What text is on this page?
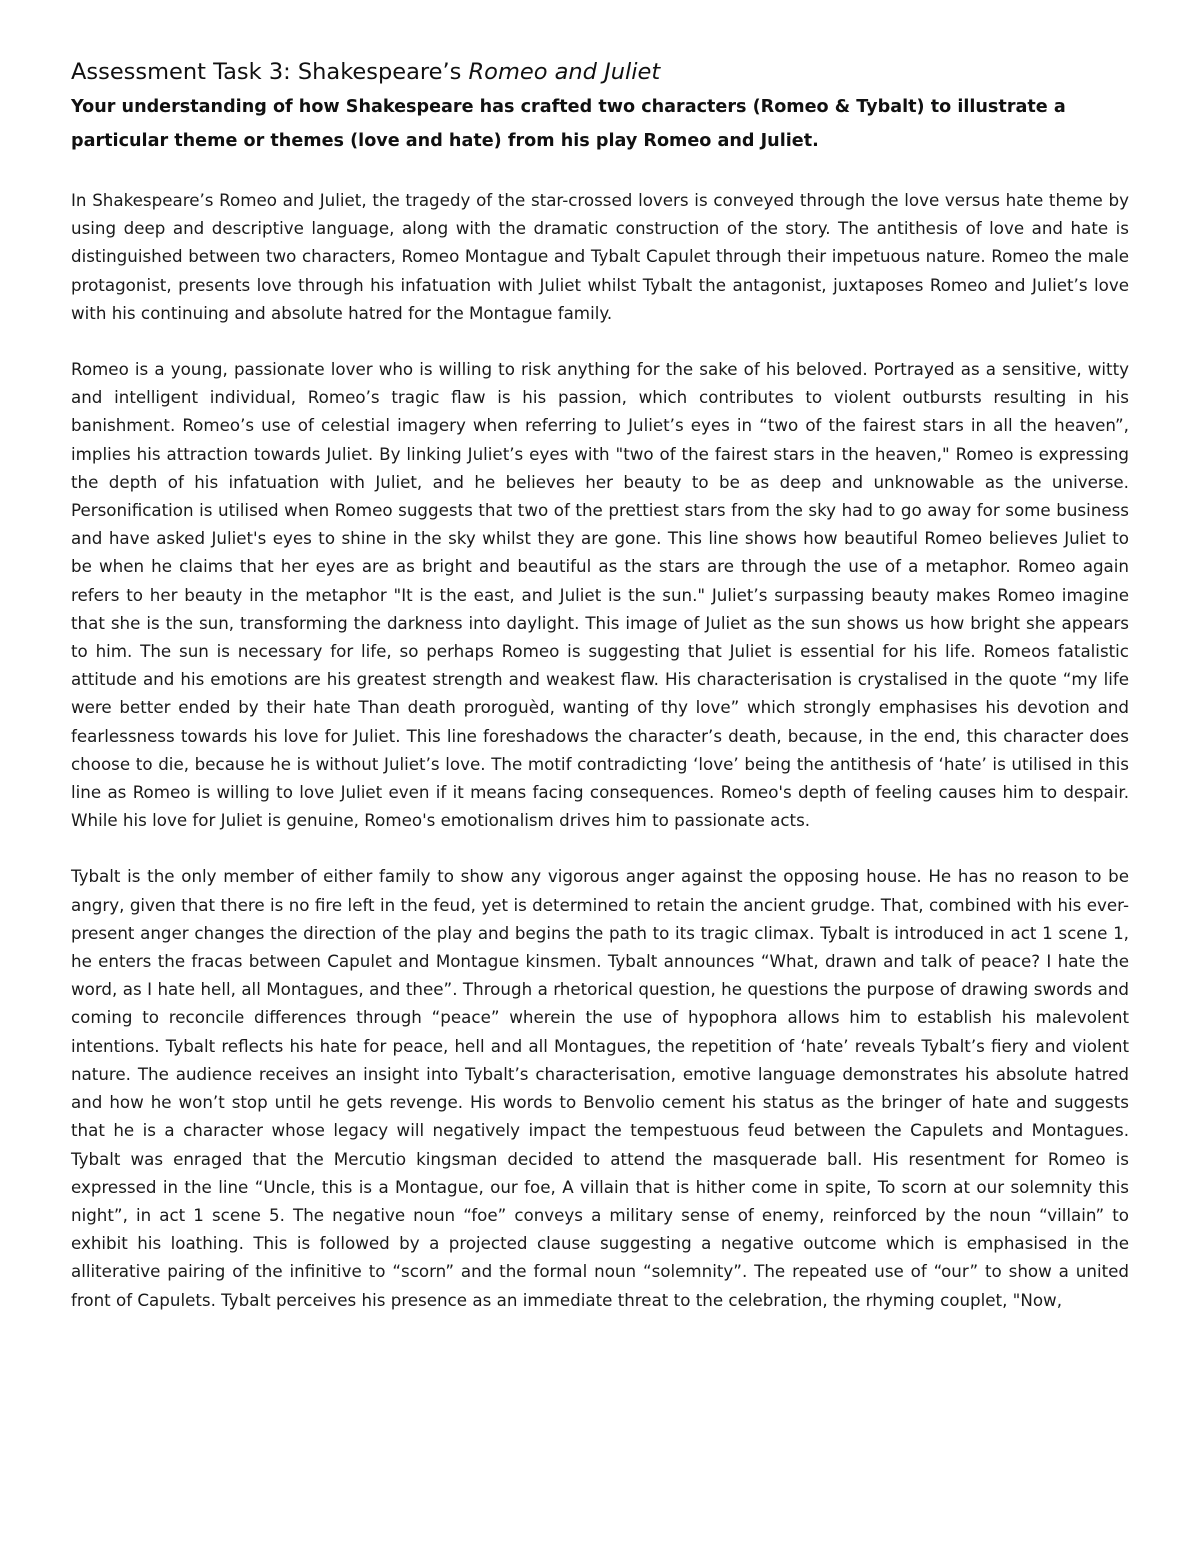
Assessment Task 3: Shakespeare’s Romeo and Juliet

Your understanding of how Shakespeare has crafted two characters (Romeo & Tybalt) to illustrate a particular theme or themes (love and hate) from his play Romeo and Juliet.

In Shakespeare’s Romeo and Juliet, the tragedy of the star-crossed lovers is conveyed through the love versus hate theme by using deep and descriptive language, along with the dramatic construction of the story. The antithesis of love and hate is distinguished between two characters, Romeo Montague and Tybalt Capulet through their impetuous nature. Romeo the male protagonist, presents love through his infatuation with Juliet whilst Tybalt the antagonist, juxtaposes Romeo and Juliet’s love with his continuing and absolute hatred for the Montague family.

Romeo is a young, passionate lover who is willing to risk anything for the sake of his beloved. Portrayed as a sensitive, witty and intelligent individual, Romeo’s tragic flaw is his passion, which contributes to violent outbursts resulting in his banishment. Romeo’s use of celestial imagery when referring to Juliet’s eyes in “two of the fairest stars in all the heaven”, implies his attraction towards Juliet. By linking Juliet’s eyes with "two of the fairest stars in the heaven," Romeo is expressing the depth of his infatuation with Juliet, and he believes her beauty to be as deep and unknowable as the universe. Personification is utilised when Romeo suggests that two of the prettiest stars from the sky had to go away for some business and have asked Juliet's eyes to shine in the sky whilst they are gone. This line shows how beautiful Romeo believes Juliet to be when he claims that her eyes are as bright and beautiful as the stars are through the use of a metaphor. Romeo again refers to her beauty in the metaphor "It is the east, and Juliet is the sun." Juliet’s surpassing beauty makes Romeo imagine that she is the sun, transforming the darkness into daylight. This image of Juliet as the sun shows us how bright she appears to him. The sun is necessary for life, so perhaps Romeo is suggesting that Juliet is essential for his life. Romeos fatalistic attitude and his emotions are his greatest strength and weakest flaw. His characterisation is crystalised in the quote “my life were better ended by their hate Than death proroguèd, wanting of thy love” which strongly emphasises his devotion and fearlessness towards his love for Juliet. This line foreshadows the character’s death, because, in the end, this character does choose to die, because he is without Juliet’s love. The motif contradicting ‘love’ being the antithesis of ‘hate’ is utilised in this line as Romeo is willing to love Juliet even if it means facing consequences. Romeo's depth of feeling causes him to despair. While his love for Juliet is genuine, Romeo's emotionalism drives him to passionate acts.

Tybalt is the only member of either family to show any vigorous anger against the opposing house. He has no reason to be angry, given that there is no fire left in the feud, yet is determined to retain the ancient grudge. That, combined with his ever-present anger changes the direction of the play and begins the path to its tragic climax. Tybalt is introduced in act 1 scene 1, he enters the fracas between Capulet and Montague kinsmen. Tybalt announces “What, drawn and talk of peace? I hate the word, as I hate hell, all Montagues, and thee”. Through a rhetorical question, he questions the purpose of drawing swords and coming to reconcile differences through “peace” wherein the use of hypophora allows him to establish his malevolent intentions. Tybalt reflects his hate for peace, hell and all Montagues, the repetition of ‘hate’ reveals Tybalt’s fiery and violent nature. The audience receives an insight into Tybalt’s characterisation, emotive language demonstrates his absolute hatred and how he won’t stop until he gets revenge. His words to Benvolio cement his status as the bringer of hate and suggests that he is a character whose legacy will negatively impact the tempestuous feud between the Capulets and Montagues. Tybalt was enraged that the Mercutio kingsman decided to attend the masquerade ball. His resentment for Romeo is expressed in the line “Uncle, this is a Montague, our foe, A villain that is hither come in spite, To scorn at our solemnity this night”, in act 1 scene 5. The negative noun “foe” conveys a military sense of enemy, reinforced by the noun “villain” to exhibit his loathing. This is followed by a projected clause suggesting a negative outcome which is emphasised in the alliterative pairing of the infinitive to “scorn” and the formal noun “solemnity”. The repeated use of “our” to show a united front of Capulets. Tybalt perceives his presence as an immediate threat to the celebration, the rhyming couplet, "Now,
